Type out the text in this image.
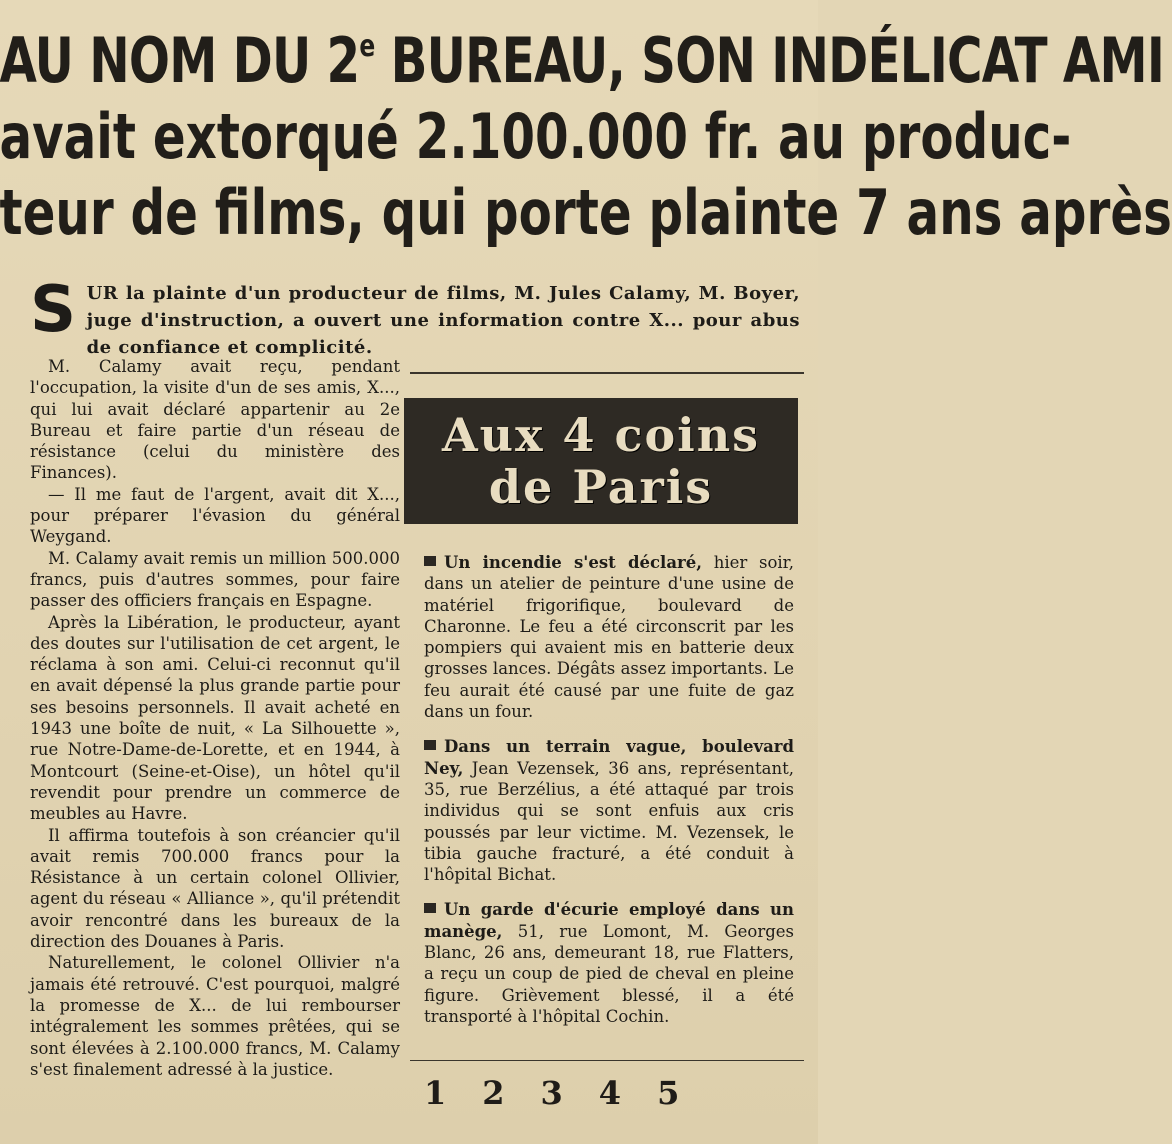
AU NOM DU 2e BUREAU, SON INDÉLICAT AMI
avait extorqué 2.100.000 fr. au produc-
teur de films, qui porte plainte 7 ans après
S UR la plainte d'un producteur de films, M. Jules Calamy, M. Boyer, juge d'instruction, a ouvert une information contre X... pour abus de confiance et complicité.

M. Calamy avait reçu, pendant l'occupation, la visite d'un de ses amis, X..., qui lui avait déclaré appartenir au 2e Bureau et faire partie d'un réseau de résistance (celui du ministère des Finances).

— Il me faut de l'argent, avait dit X..., pour préparer l'évasion du général Weygand.

M. Calamy avait remis un million 500.000 francs, puis d'autres sommes, pour faire passer des officiers français en Espagne.

Après la Libération, le producteur, ayant des doutes sur l'utilisation de cet argent, le réclama à son ami. Celui-ci reconnut qu'il en avait dépensé la plus grande partie pour ses besoins personnels. Il avait acheté en 1943 une boîte de nuit, « La Silhouette », rue Notre-Dame-de-Lorette, et en 1944, à Montcourt (Seine-et-Oise), un hôtel qu'il revendit pour prendre un commerce de meubles au Havre.

Il affirma toutefois à son créancier qu'il avait remis 700.000 francs pour la Résistance à un certain colonel Ollivier, agent du réseau « Alliance », qu'il prétendit avoir rencontré dans les bureaux de la direction des Douanes à Paris.

Naturellement, le colonel Ollivier n'a jamais été retrouvé. C'est pourquoi, malgré la promesse de X... de lui rembourser intégralement les sommes prêtées, qui se sont élevées à 2.100.000 francs, M. Calamy s'est finalement adressé à la justice.

Aux 4 coins
de Paris
Un incendie s'est déclaré, hier soir, dans un atelier de peinture d'une usine de matériel frigorifique, boulevard de Charonne. Le feu a été circonscrit par les pompiers qui avaient mis en batterie deux grosses lances. Dégâts assez importants. Le feu aurait été causé par une fuite de gaz dans un four.
Dans un terrain vague, boulevard Ney, Jean Vezensek, 36 ans, représentant, 35, rue Berzélius, a été attaqué par trois individus qui se sont enfuis aux cris poussés par leur victime. M. Vezensek, le tibia gauche fracturé, a été conduit à l'hôpital Bichat.
Un garde d'écurie employé dans un manège, 51, rue Lomont, M. Georges Blanc, 26 ans, demeurant 18, rue Flatters, a reçu un coup de pied de cheval en pleine figure. Grièvement blessé, il a été transporté à l'hôpital Cochin.
1 2 3 4 5
